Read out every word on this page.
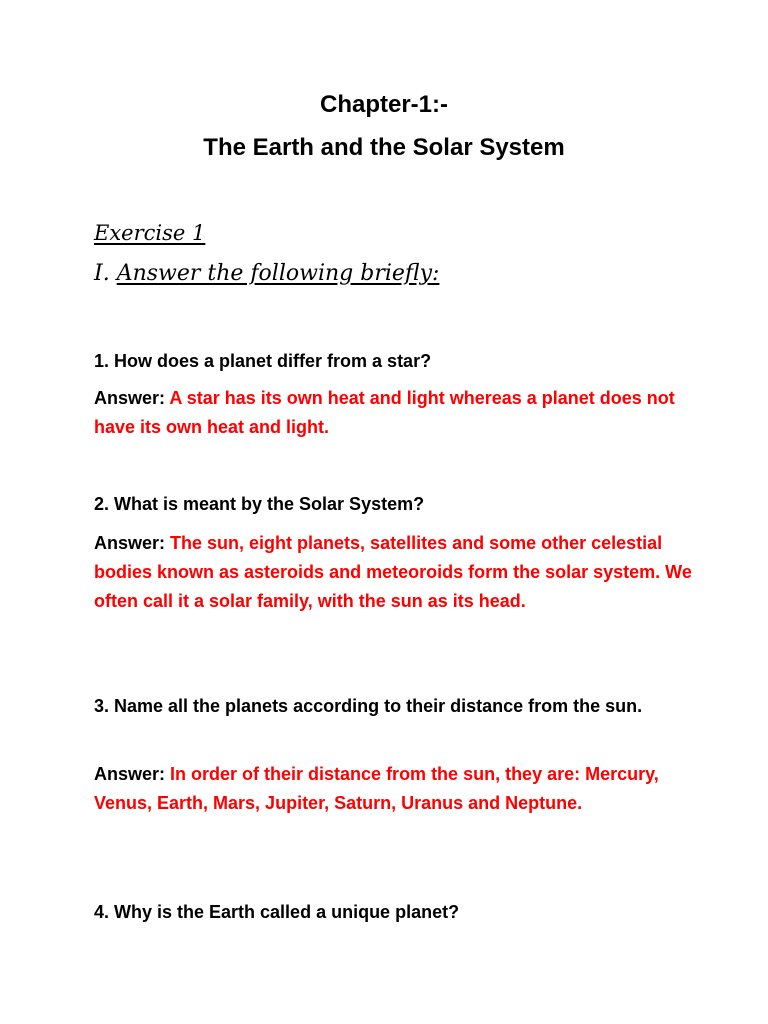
Chapter-1:-
The Earth and the Solar System
Exercise 1
I. Answer the following briefly:
1. How does a planet differ from a star?
Answer: A star has its own heat and light whereas a planet does not have its own heat and light.
2. What is meant by the Solar System?
Answer: The sun, eight planets, satellites and some other celestial bodies known as asteroids and meteoroids form the solar system. We often call it a solar family, with the sun as its head.
3. Name all the planets according to their distance from the sun.
Answer: In order of their distance from the sun, they are: Mercury, Venus, Earth, Mars, Jupiter, Saturn, Uranus and Neptune.
4. Why is the Earth called a unique planet?
